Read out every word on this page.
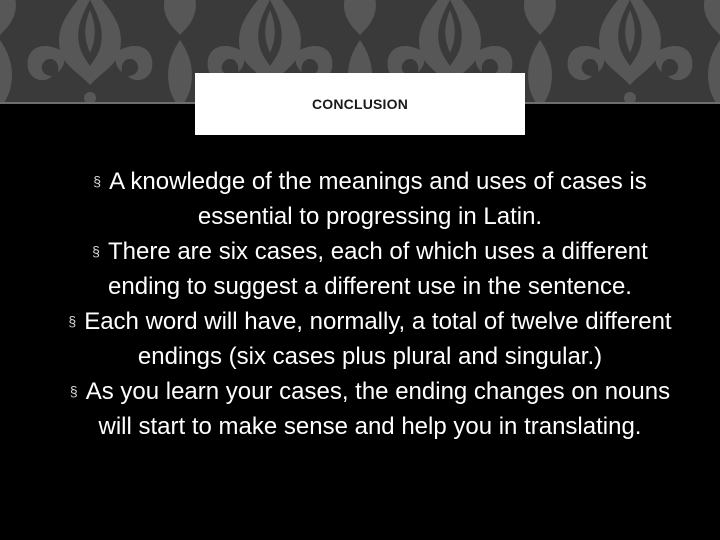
CONCLUSION
§ A knowledge of the meanings and uses of cases is essential to progressing in Latin.
§ There are six cases, each of which uses a different ending to suggest a different use in the sentence.
§ Each word will have, normally, a total of twelve different endings (six cases plus plural and singular.)
§ As you learn your cases, the ending changes on nouns will start to make sense and help you in translating.
